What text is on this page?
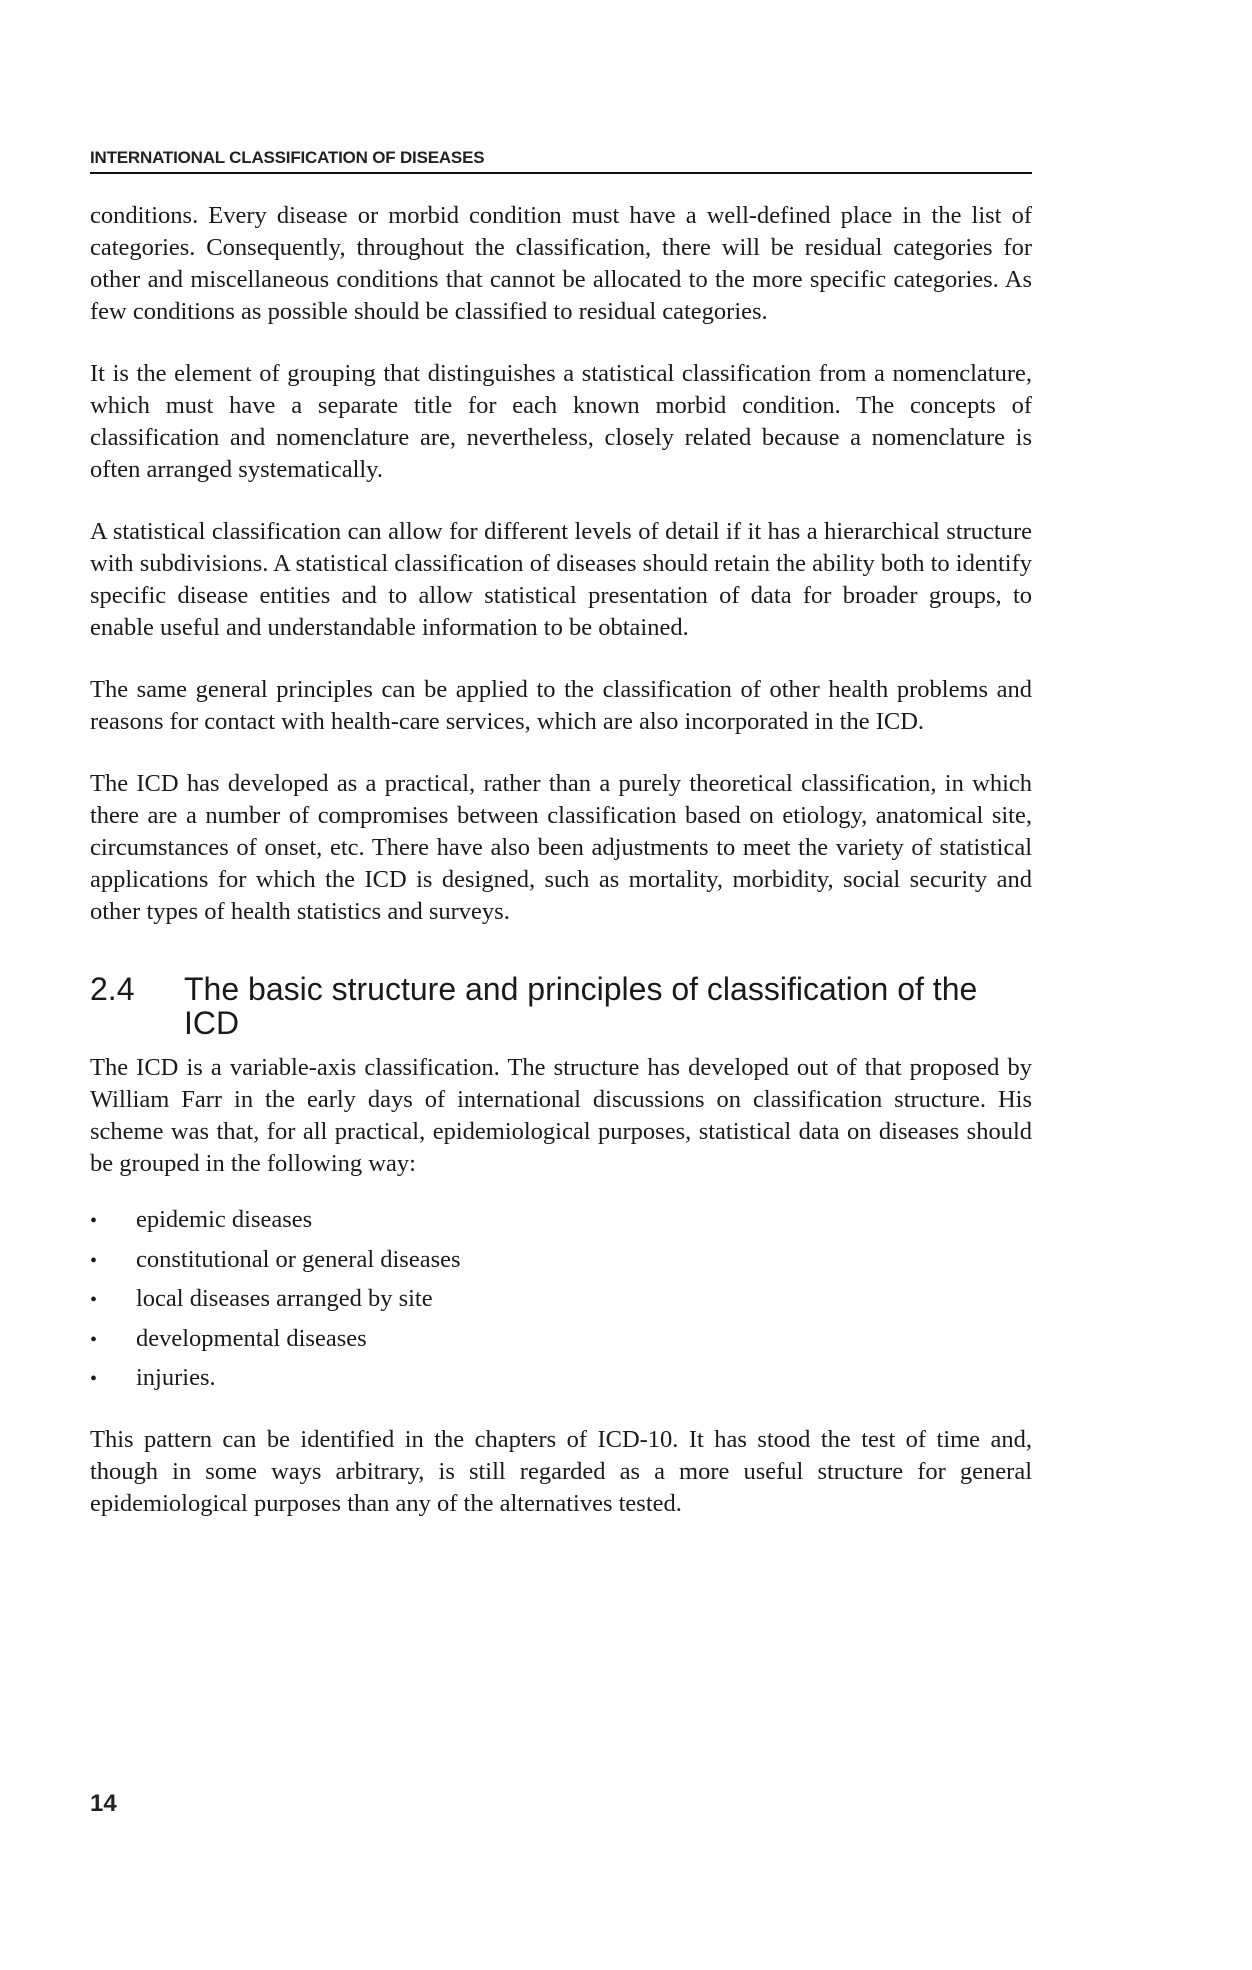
INTERNATIONAL CLASSIFICATION OF DISEASES

conditions. Every disease or morbid condition must have a well-defined place in the list of categories. Consequently, throughout the classification, there will be residual categories for other and miscellaneous conditions that cannot be allocated to the more specific categories. As few conditions as possible should be classified to residual categories.

It is the element of grouping that distinguishes a statistical classification from a nomenclature, which must have a separate title for each known morbid condition. The concepts of classification and nomenclature are, nevertheless, closely related because a nomenclature is often arranged systematically.

A statistical classification can allow for different levels of detail if it has a hierarchical structure with subdivisions. A statistical classification of diseases should retain the ability both to identify specific disease entities and to allow statistical presentation of data for broader groups, to enable useful and understandable information to be obtained.

The same general principles can be applied to the classification of other health problems and reasons for contact with health-care services, which are also incorporated in the ICD.

The ICD has developed as a practical, rather than a purely theoretical classification, in which there are a number of compromises between classification based on etiology, anatomical site, circumstances of onset, etc. There have also been adjustments to meet the variety of statistical applications for which the ICD is designed, such as mortality, morbidity, social security and other types of health statistics and surveys.

2.4	The basic structure and principles of classification of the ICD

The ICD is a variable-axis classification. The structure has developed out of that proposed by William Farr in the early days of international discussions on classification structure. His scheme was that, for all practical, epidemiological purposes, statistical data on diseases should be grouped in the following way:

•	epidemic diseases
•	constitutional or general diseases
•	local diseases arranged by site
•	developmental diseases
•	injuries.

This pattern can be identified in the chapters of ICD-10. It has stood the test of time and, though in some ways arbitrary, is still regarded as a more useful structure for general epidemiological purposes than any of the alternatives tested.

14
